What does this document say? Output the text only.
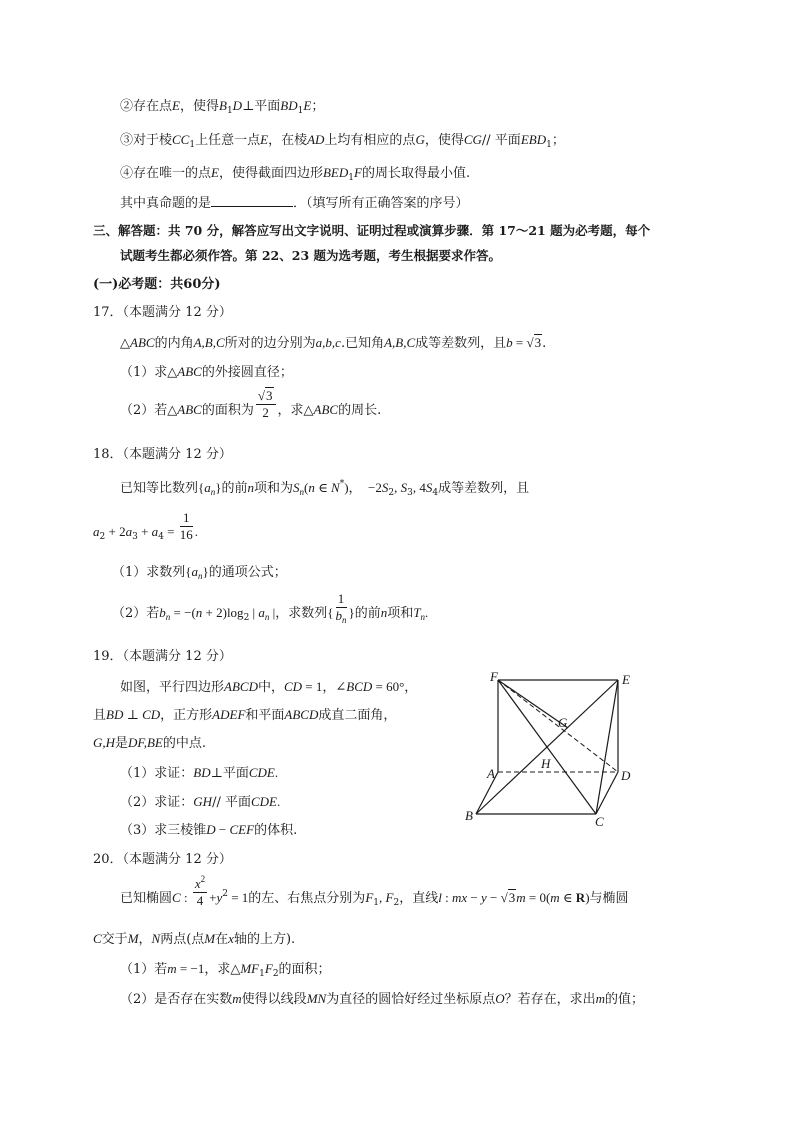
②存在点E，使得$B_1D\perp$平面$BD_1E$；
③对于棱$CC_1$上任意一点E，在棱AD上均有相应的点G，使得CG// 平面$EBD_1$；
④存在唯一的点E，使得截面四边形$BED_1F$的周长取得最小值.
其中真命题的是	．（填写所有正确答案的序号）
三、解答题：共 70 分，解答应写出文字说明、证明过程或演算步骤．第 17～21 题为必考题，每个
试题考生都必须作答。第 22、23 题为选考题，考生根据要求作答。
(一)必考题：共60分)
17．（本题满分 12 分）
△ABC的内角A,B,C所对的边分别为a,b,c.已知角A,B,C成等差数列，且b = √3.
（1）求△ABC的外接圆直径；
（2）若△ABC的面积为 $\frac{√3}{2}$ ，求△ABC的周长.
18．（本题满分 12 分）
已知等比数列$\{a_n\}$的前n项和为$S_n(n$ ∈ N*)，  $-2S_2$, $S_3$, $4S_4$成等差数列，且
$a_2 + 2a_3 + a_4 = \frac{1}{16}$ .
（1）求数列$\{a_n\}$的通项公式；
（2）若$b_n = -(n + 2)\log_2$ | $a_n$ |，求数列{ $\frac{1}{b_n}$ }的前n项和$T_n$.
19．（本题满分 12 分）
如图，平行四边形ABCD中，CD = 1，∠BCD = 60°，
且BD ⊥ CD，正方形ADEF和平面ABCD成直二面角，
G,H是DF,BE的中点.
（1）求证：BD⊥平面CDE.
（2）求证：GH// 平面CDE.
（3）求三棱锥D − CEF的体积.
F	E
G
H
A	D
B	C
20．（本题满分 12 分）
已知椭圆C : $\frac{x^2}{4} +y^2 = 1$的左、右焦点分别为$F_1$, $F_2$，直线l : mx − y − √3m = 0(m ∈ R)与椭圆
C交于M，N两点(点M在x轴的上方).
（1）若m = −1，求$\triangle MF_1F_2$的面积；
（2）是否存在实数m使得以线段MN为直径的圆恰好经过坐标原点O？若存在，求出m的值；
